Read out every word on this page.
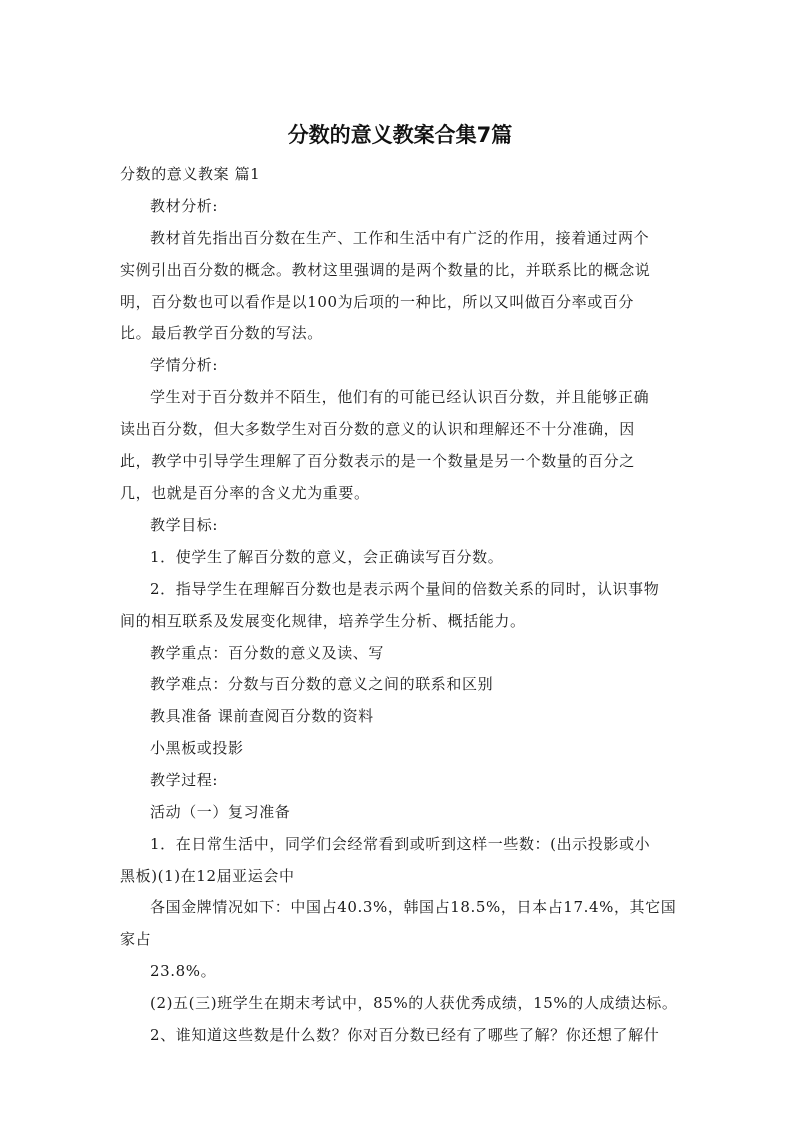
分数的意义教案合集7篇
分数的意义教案 篇1
教材分析:
教材首先指出百分数在生产、工作和生活中有广泛的作用，接着通过两个
实例引出百分数的概念。教材这里强调的是两个数量的比，并联系比的概念说
明，百分数也可以看作是以100为后项的一种比，所以又叫做百分率或百分
比。最后教学百分数的写法。
学情分析:
学生对于百分数并不陌生，他们有的可能已经认识百分数，并且能够正确
读出百分数，但大多数学生对百分数的意义的认识和理解还不十分准确，因
此，教学中引导学生理解了百分数表示的是一个数量是另一个数量的百分之
几，也就是百分率的含义尤为重要。
教学目标:
1．使学生了解百分数的意义，会正确读写百分数。
2．指导学生在理解百分数也是表示两个量间的倍数关系的同时，认识事物
间的相互联系及发展变化规律，培养学生分析、概括能力。
教学重点：百分数的意义及读、写
教学难点：分数与百分数的意义之间的联系和区别
教具准备 课前查阅百分数的资料
小黑板或投影
教学过程:
活动（一）复习准备
1．在日常生活中，同学们会经常看到或听到这样一些数：(出示投影或小
黑板)(1)在12届亚运会中
各国金牌情况如下：中国占40.3%，韩国占18.5%，日本占17.4%，其它国
家占
23.8%。
(2)五(三)班学生在期末考试中，85%的人获优秀成绩，15%的人成绩达标。
2、谁知道这些数是什么数？你对百分数已经有了哪些了解？你还想了解什
